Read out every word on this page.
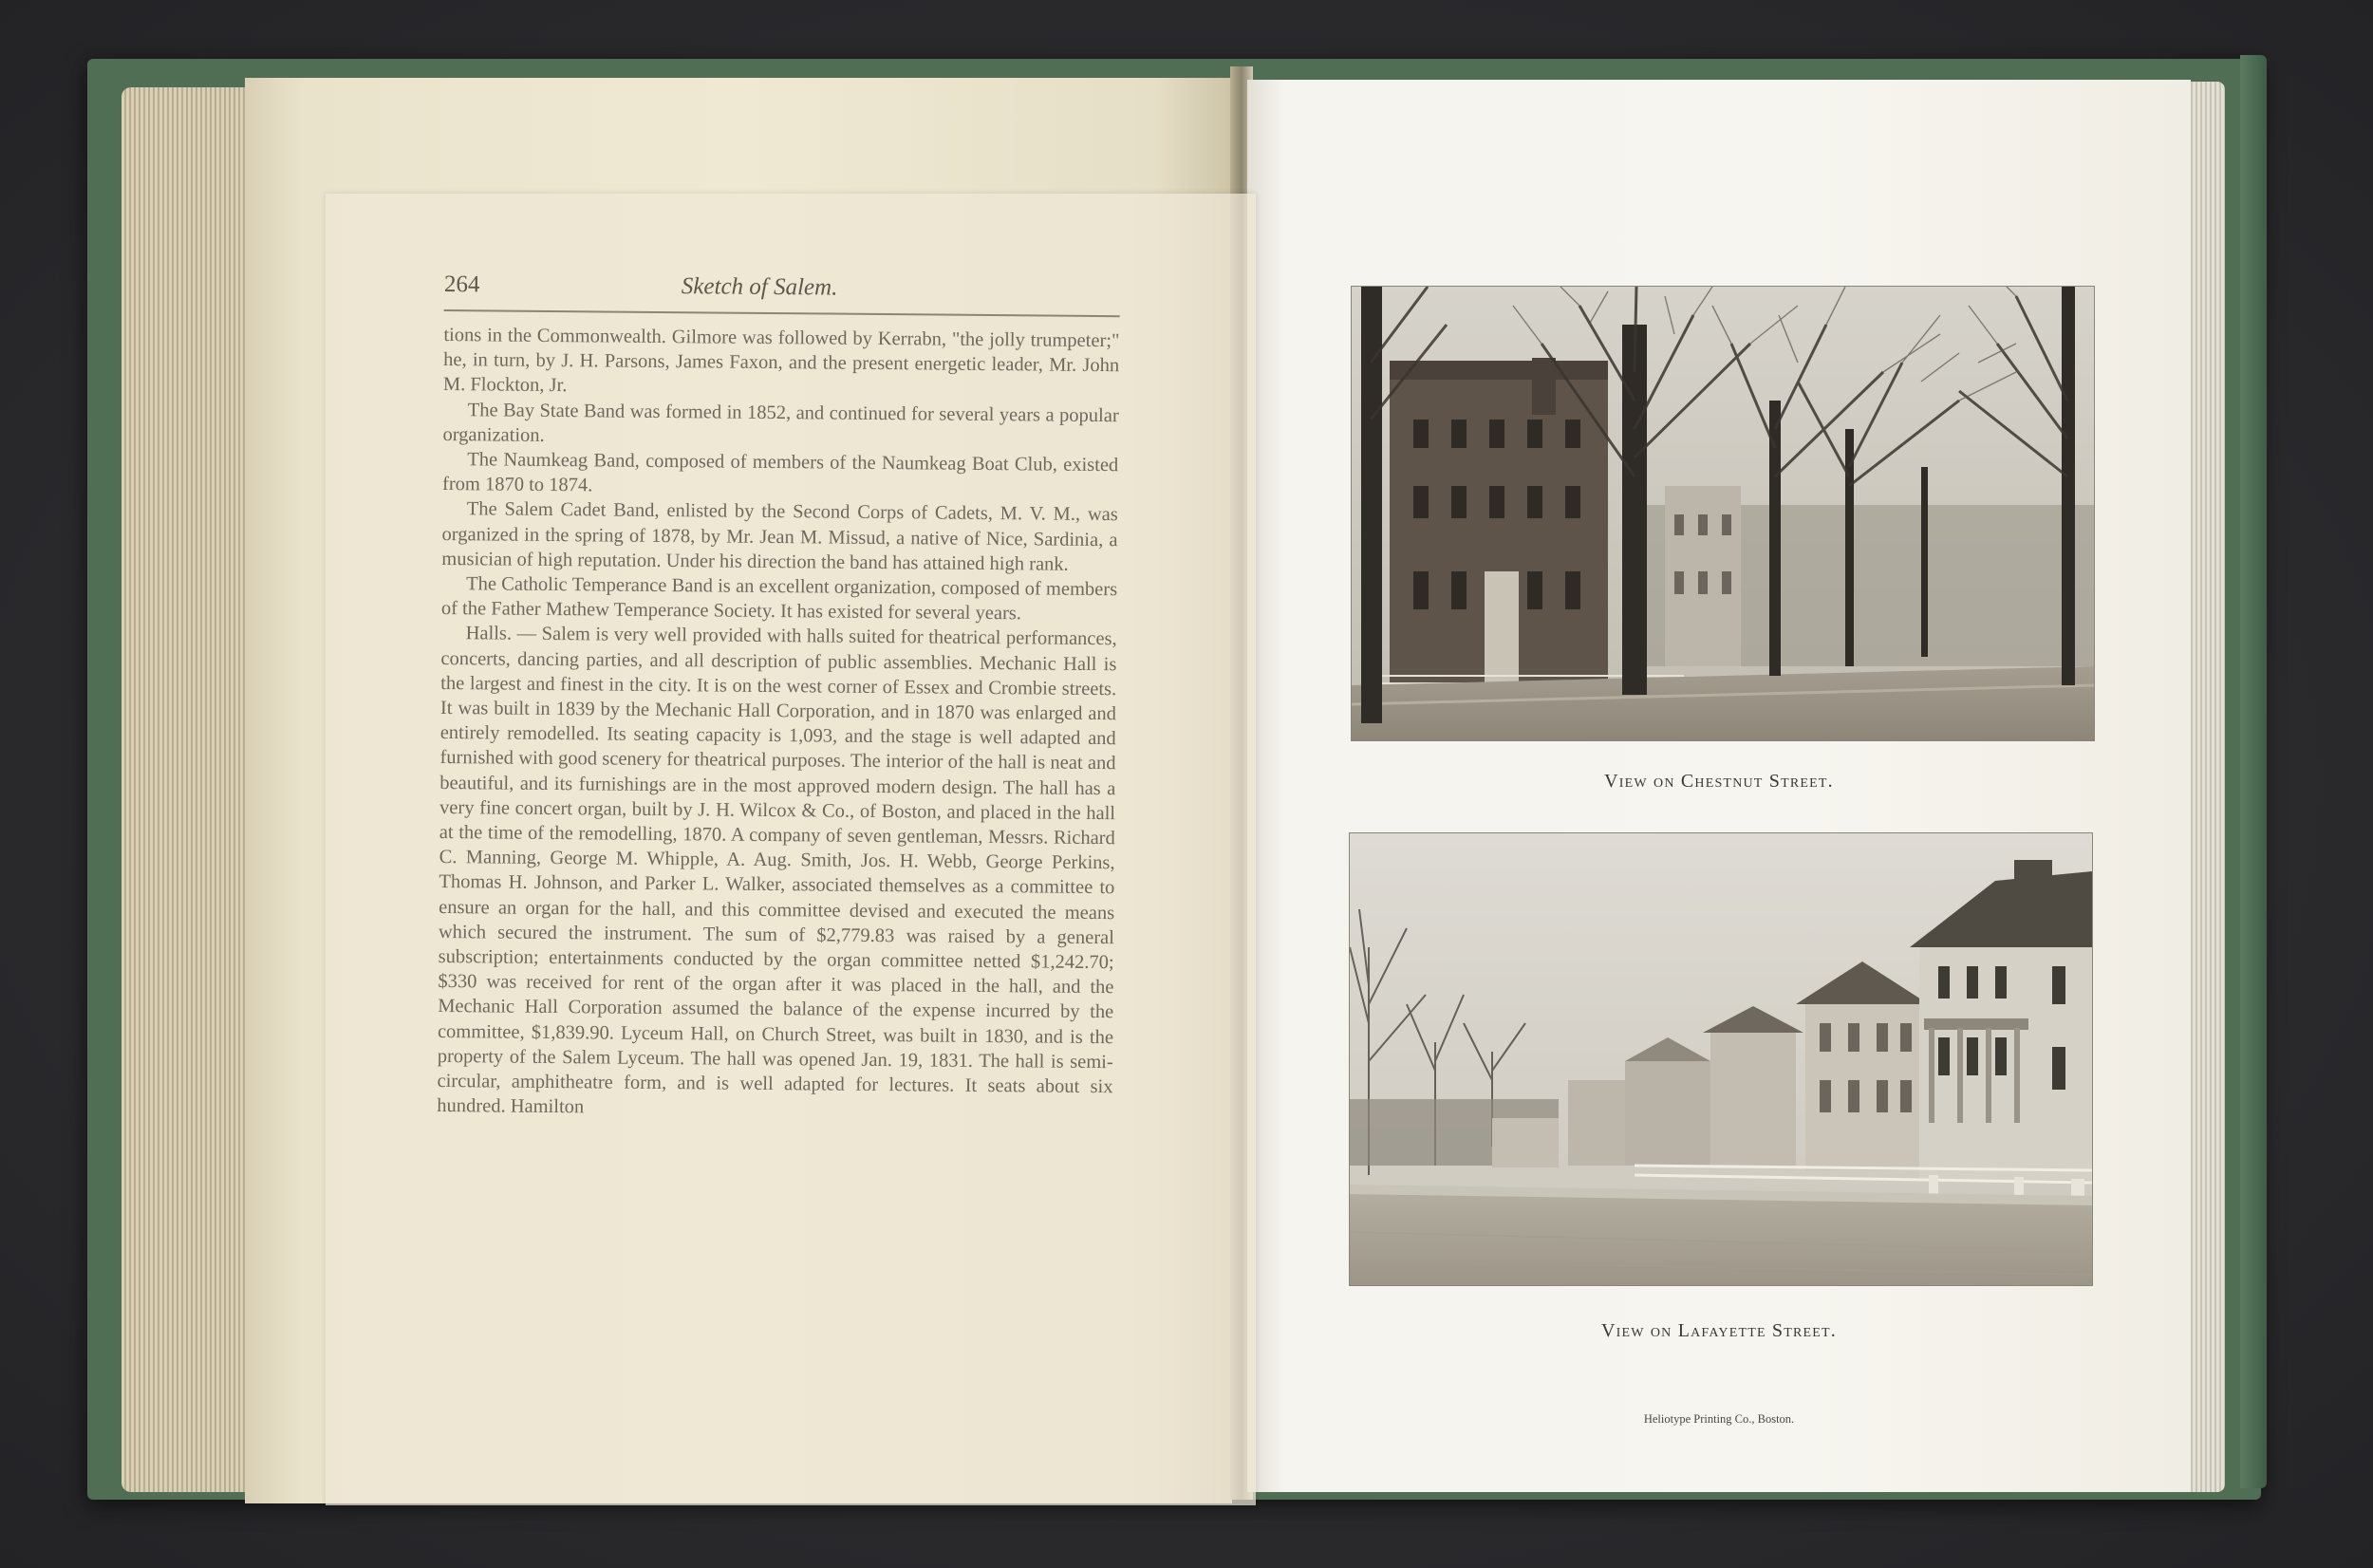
264	Sketch of Salem.

tions in the Commonwealth. Gilmore was followed by Kerrabn, "the jolly trumpeter;" he, in turn, by J. H. Parsons, James Faxon, and the present energetic leader, Mr. John M. Flockton, Jr.

The Bay State Band was formed in 1852, and continued for several years a popular organization.

The Naumkeag Band, composed of members of the Naumkeag Boat Club, existed from 1870 to 1874.

The Salem Cadet Band, enlisted by the Second Corps of Cadets, M. V. M., was organized in the spring of 1878, by Mr. Jean M. Missud, a native of Nice, Sardinia, a musician of high reputation. Under his direction the band has attained high rank.

The Catholic Temperance Band is an excellent organization, composed of members of the Father Mathew Temperance Society. It has existed for several years.

Halls. — Salem is very well provided with halls suited for theatrical performances, concerts, dancing parties, and all description of public assemblies. Mechanic Hall is the largest and finest in the city. It is on the west corner of Essex and Crombie streets. It was built in 1839 by the Mechanic Hall Corporation, and in 1870 was enlarged and entirely remodelled. Its seating capacity is 1,093, and the stage is well adapted and furnished with good scenery for theatrical purposes. The interior of the hall is neat and beautiful, and its furnishings are in the most approved modern design. The hall has a very fine concert organ, built by J. H. Wilcox & Co., of Boston, and placed in the hall at the time of the remodelling, 1870. A company of seven gentleman, Messrs. Richard C. Manning, George M. Whipple, A. Aug. Smith, Jos. H. Webb, George Perkins, Thomas H. Johnson, and Parker L. Walker, associated themselves as a committee to ensure an organ for the hall, and this committee devised and executed the means which secured the instrument. The sum of $2,779.83 was raised by a general subscription; entertainments conducted by the organ committee netted $1,242.70; $330 was received for rent of the organ after it was placed in the hall, and the Mechanic Hall Corporation assumed the balance of the expense incurred by the committee, $1,839.90. Lyceum Hall, on Church Street, was built in 1830, and is the property of the Salem Lyceum. The hall was opened Jan. 19, 1831. The hall is semi-circular, amphitheatre form, and is well adapted for lectures. It seats about six hundred. Hamilton

View on Chestnut Street.
View on Lafayette Street.
Heliotype Printing Co., Boston.
